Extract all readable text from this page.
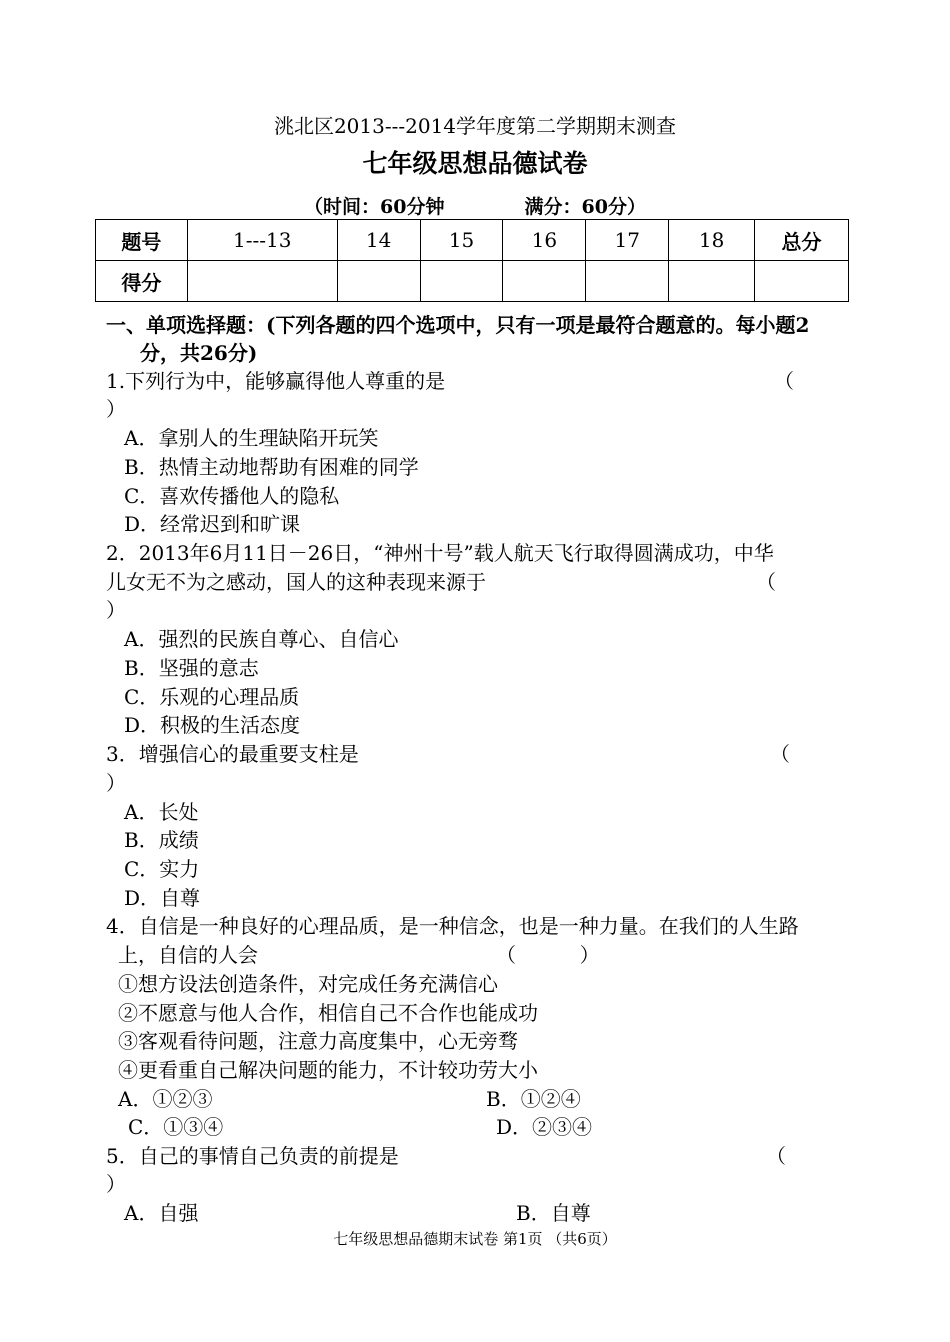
洮北区2013---2014学年度第二学期期末测查
七年级思想品德试卷
（时间：60分钟	满分：60分）
题号	1---13	14	15	16	17	18	总分
得分							
一、单项选择题：(下列各题的四个选项中，只有一项是最符合题意的。每小题2
分，共26分)
1.下列行为中，能够赢得他人尊重的是	（
）
A．拿别人的生理缺陷开玩笑
B．热情主动地帮助有困难的同学
C．喜欢传播他人的隐私
D．经常迟到和旷课
2．2013年6月11日－26日，“神州十号”载人航天飞行取得圆满成功，中华
儿女无不为之感动，国人的这种表现来源于	（
）
A．强烈的民族自尊心、自信心
B．坚强的意志
C．乐观的心理品质
D．积极的生活态度
3．增强信心的最重要支柱是	（
）
A．长处
B．成绩
C．实力
D．自尊
4．自信是一种良好的心理品质，是一种信念，也是一种力量。在我们的人生路
上，自信的人会	（          ）
①想方设法创造条件，对完成任务充满信心
②不愿意与他人合作，相信自己不合作也能成功
③客观看待问题，注意力高度集中，心无旁骛
④更看重自己解决问题的能力，不计较功劳大小
A．①②③	B．①②④
C．①③④	D．②③④
5．自己的事情自己负责的前提是	（
）
A．自强	B．自尊
七年级思想品德期末试卷 第1页 （共6页）
